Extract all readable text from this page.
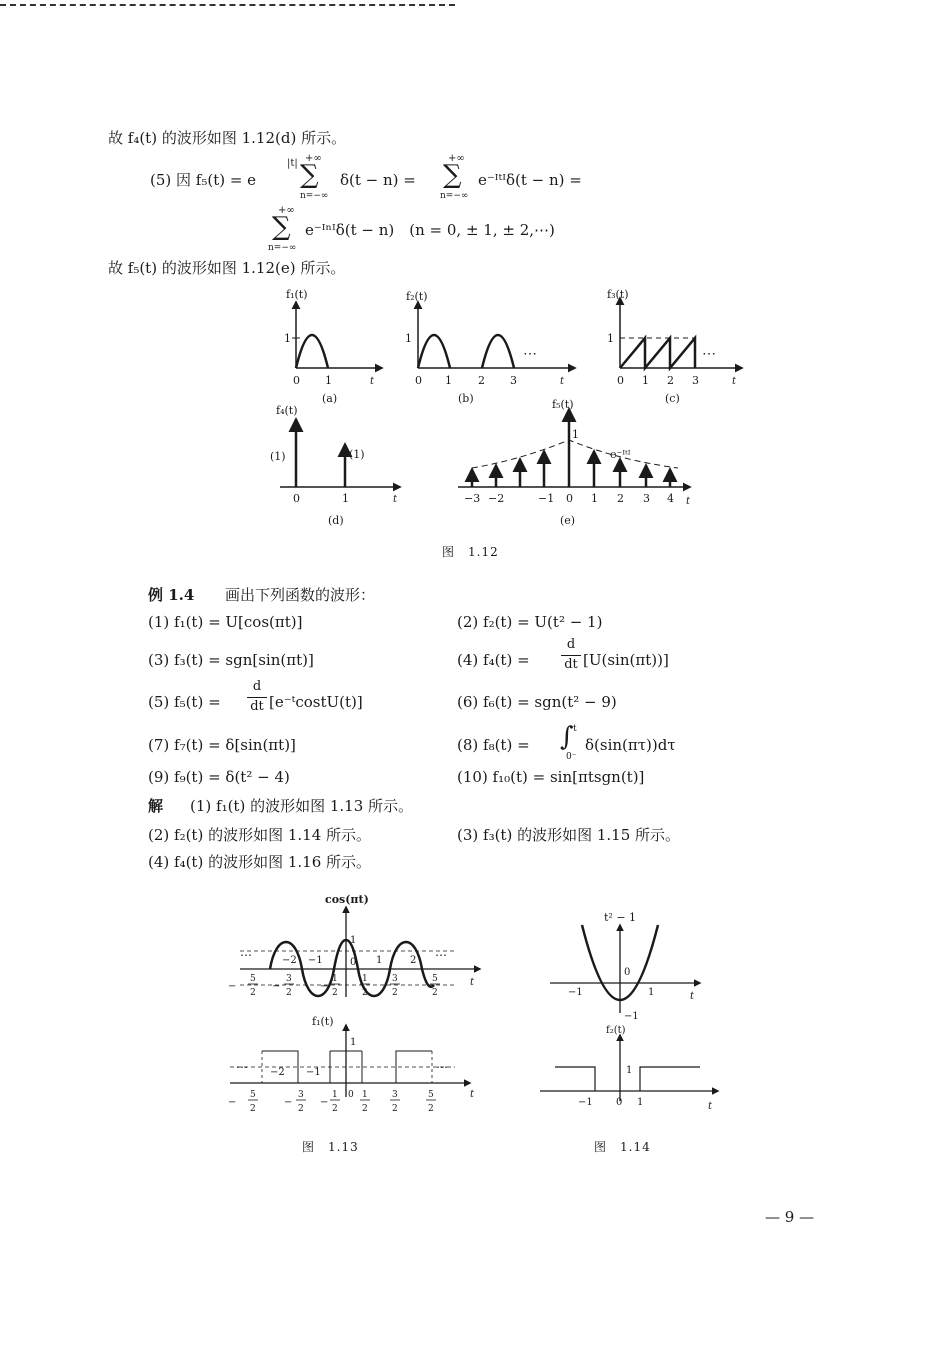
故 f₄(t) 的波形如图 1.12(d) 所示。
(5) 因 f₅(t) = e
|t| +∞
∑
n=−∞
δ(t − n) =
+∞
∑
n=−∞
e⁻ᴵᵗᴵδ(t − n) =
+∞
∑
n=−∞
e⁻ᴵⁿᴵδ(t − n)　(n = 0, ± 1, ± 2,⋯)
故 f₅(t) 的波形如图 1.12(e) 所示。
f₁(t)
1
0 1	t
(a)
f₂(t)
1
0 1 2 3
⋯
t
(b)
f₃(t)
1
0 1 2 3
⋯
t
(c)
f₄(t)
(1)	(1)
0	1	t
(d)
f₅(t)
1
e⁻ᴵᵗᴵ
−3 −2	−1 0 1 2 3 4 t
(e)
图　1.12
例 1.4 画出下列函数的波形：
(1) f₁(t) = U[cos(πt)]	(2) f₂(t) = U(t² − 1)
(3) f₃(t) = sgn[sin(πt)]	(4) f₄(t) =
d
dt [U(sin(πt))]
(5) f₅(t) =
d
dt [e⁻ᵗcostU(t)]	(6) f₆(t) = sgn(t² − 9)
(7) f₇(t) = δ[sin(πt)]	(8) f₈(t) = ∫ t
0⁻
δ(sin(πτ))dτ
(9) f₉(t) = δ(t² − 4)	(10) f₁₀(t) = sin[πtsgn(t)]
解 (1) f₁(t) 的波形如图 1.13 所示。
(2) f₂(t) 的波形如图 1.14 所示。	(3) f₃(t) 的波形如图 1.15 所示。
(4) f₄(t) 的波形如图 1.16 所示。
cos(πt)
⋯	⋯
1
−2 −1	0 1	2
t
−
5
2
−
3
2
−
1
2
1
2
3
2
5
2
f₁(t)
⋯	⋯
1
−2 −1
t
−
5
2
−
3
2
−
1
2
0 1
2
3
2
5
2
图　1.13
t² − 1
0
−1	1
−1
t
f₂(t)
1
−1 0 1	t
图　1.14
— 9 —
